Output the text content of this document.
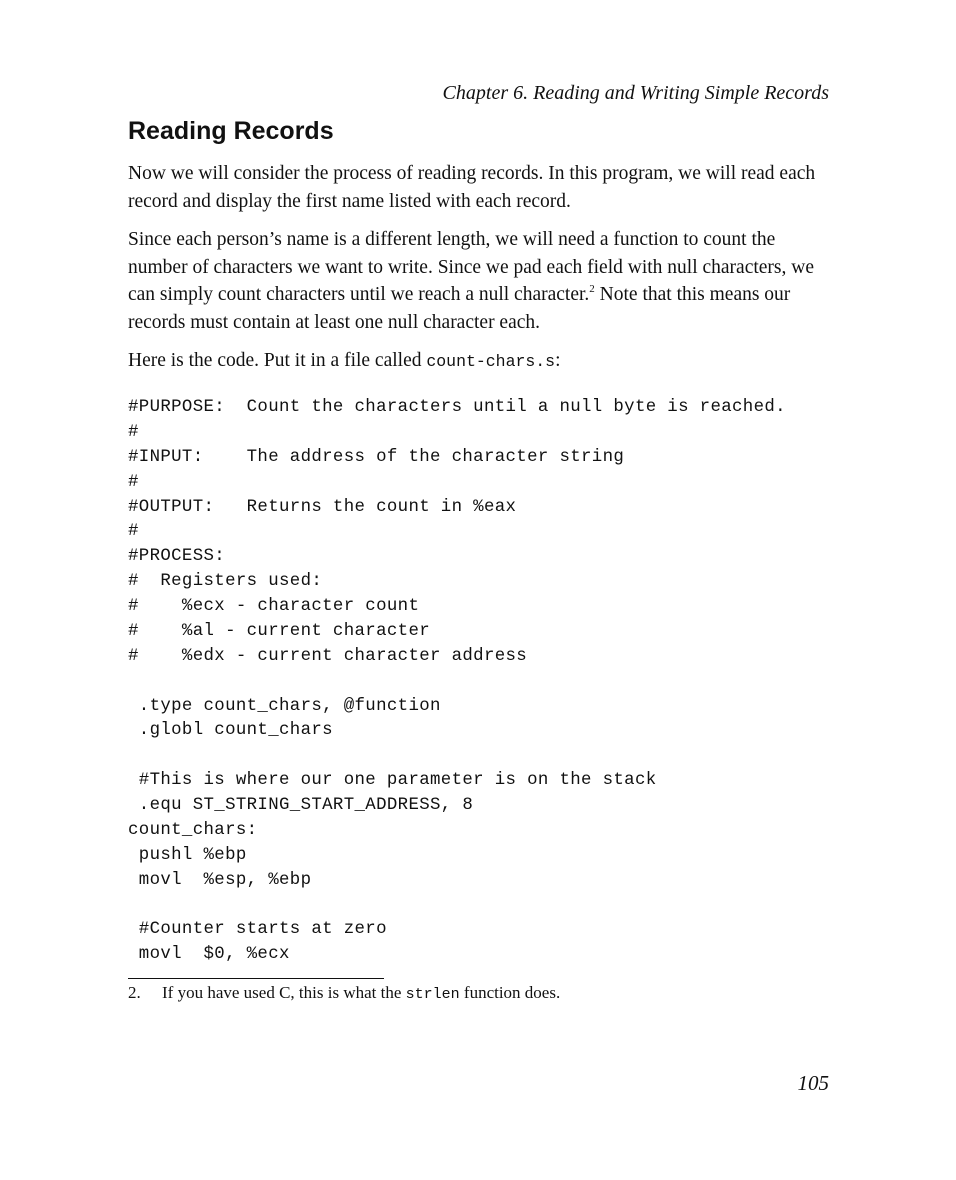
Chapter 6. Reading and Writing Simple Records
Reading Records

Now we will consider the process of reading records. In this program, we will read each record and display the first name listed with each record.

Since each person’s name is a different length, we will need a function to count the number of characters we want to write. Since we pad each field with null characters, we can simply count characters until we reach a null character.$^2$ Note that this means our records must contain at least one null character each.

Here is the code. Put it in a file called count-chars.s:

#PURPOSE:  Count the characters until a null byte is reached.
#
#INPUT:    The address of the character string
#
#OUTPUT:   Returns the count in %eax
#
#PROCESS:
#  Registers used:
#    %ecx - character count
#    %al - current character
#    %edx - current character address
.type count_chars, @function
.globl count_chars
#This is where our one parameter is on the stack
.equ ST_STRING_START_ADDRESS, 8
count_chars:
pushl %ebp
movl  %esp, %ebp
#Counter starts at zero
movl  $0, %ecx

2. If you have used C, this is what the strlen function does.

105
